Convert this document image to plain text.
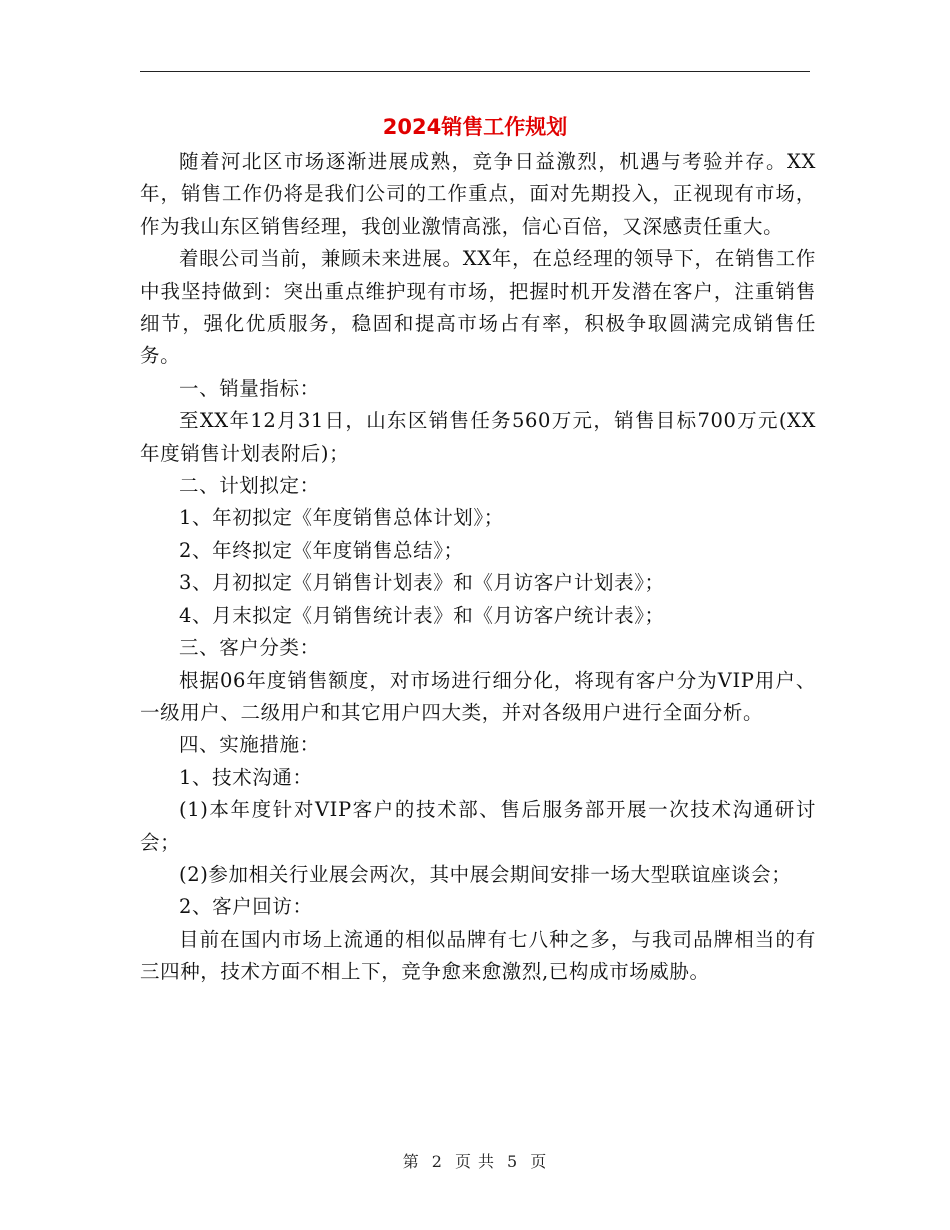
2024销售工作规划

随着河北区市场逐渐进展成熟，竞争日益激烈，机遇与考验并存。XX年，销售工作仍将是我们公司的工作重点，面对先期投入，正视现有市场，作为我山东区销售经理，我创业激情高涨，信心百倍，又深感责任重大。

着眼公司当前，兼顾未来进展。XX年，在总经理的领导下，在销售工作中我坚持做到：突出重点维护现有市场，把握时机开发潜在客户，注重销售细节，强化优质服务，稳固和提高市场占有率，积极争取圆满完成销售任务。

一、销量指标：

至XX年12月31日，山东区销售任务560万元，销售目标700万元(XX年度销售计划表附后)；

二、计划拟定：

1、年初拟定《年度销售总体计划》；

2、年终拟定《年度销售总结》；

3、月初拟定《月销售计划表》和《月访客户计划表》；

4、月末拟定《月销售统计表》和《月访客户统计表》；

三、客户分类：

根据06年度销售额度，对市场进行细分化，将现有客户分为VIP用户、一级用户、二级用户和其它用户四大类，并对各级用户进行全面分析。

四、实施措施：

1、技术沟通：

(1)本年度针对VIP客户的技术部、售后服务部开展一次技术沟通研讨会；

(2)参加相关行业展会两次，其中展会期间安排一场大型联谊座谈会；

2、客户回访：

目前在国内市场上流通的相似品牌有七八种之多，与我司品牌相当的有三四种，技术方面不相上下，竞争愈来愈激烈,已构成市场威胁。

第 2 页 共 5 页
